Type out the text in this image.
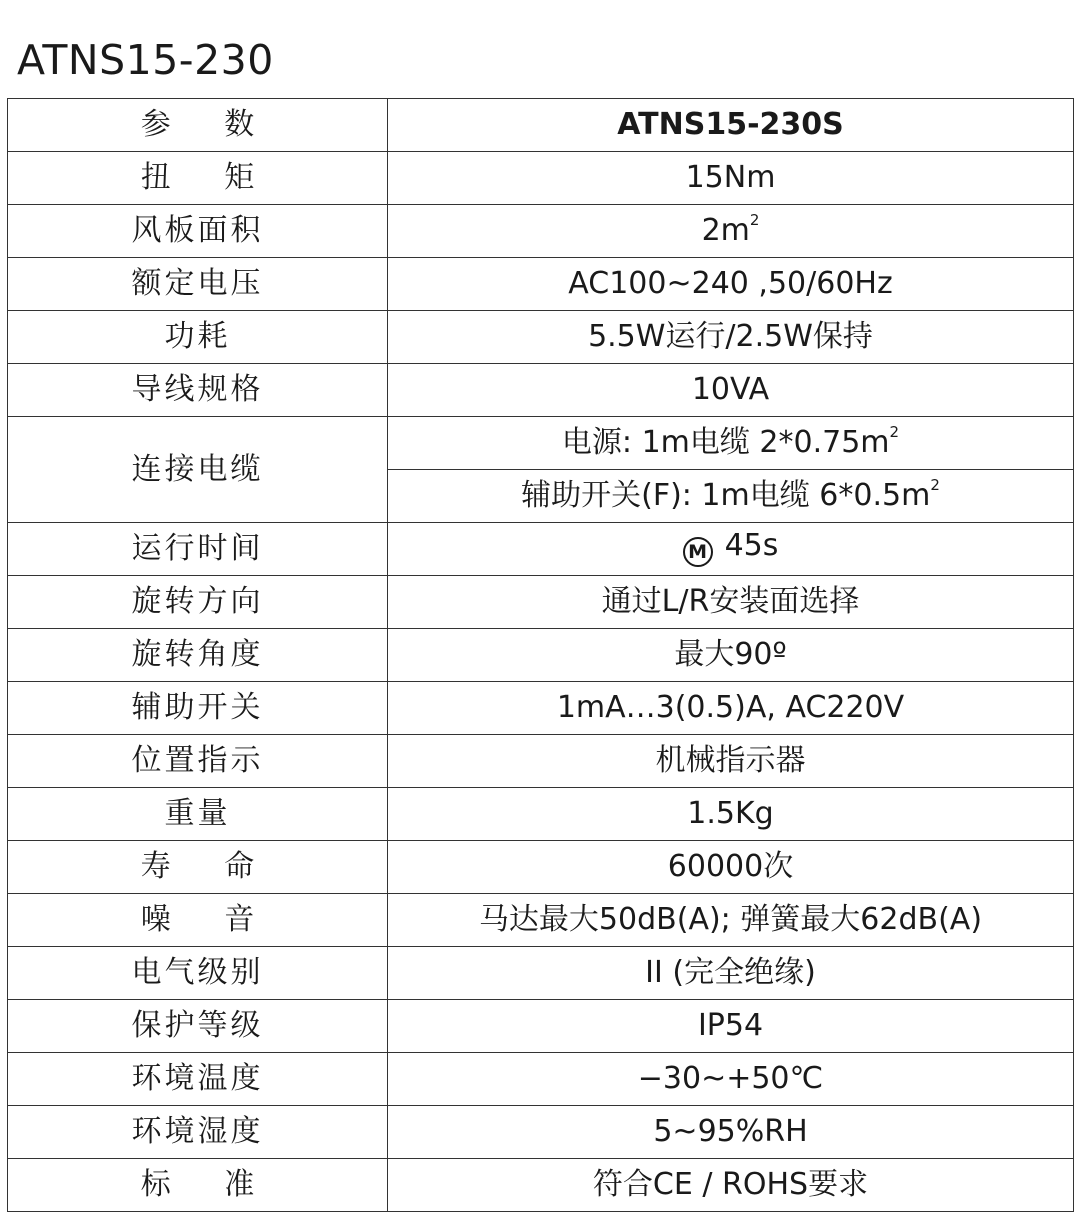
ATNS15-230
参 数	ATNS15-230S
扭 矩	15Nm
风板面积	$2m^2$
额定电压	AC100~240 ,50/60Hz
功耗	5.5W运行/2.5W保持
导线规格	10VA
连接电缆	电源: 1m电缆 $2*0.75m^2$
	辅助开关(F): 1m电缆 $6*0.5m^2$
运行时间	M 45s
旋转方向	通过L/R安装面选择
旋转角度	最大90º
辅助开关	1mA…3(0.5)A, AC220V
位置指示	机械指示器
重量	1.5Kg
寿 命	60000次
噪 音	马达最大50dB(A); 弹簧最大62dB(A)
电气级别	II (完全绝缘)
保护等级	IP54
环境温度	−30~+50℃
环境湿度	5~95%RH
标 准	符合CE / ROHS要求
